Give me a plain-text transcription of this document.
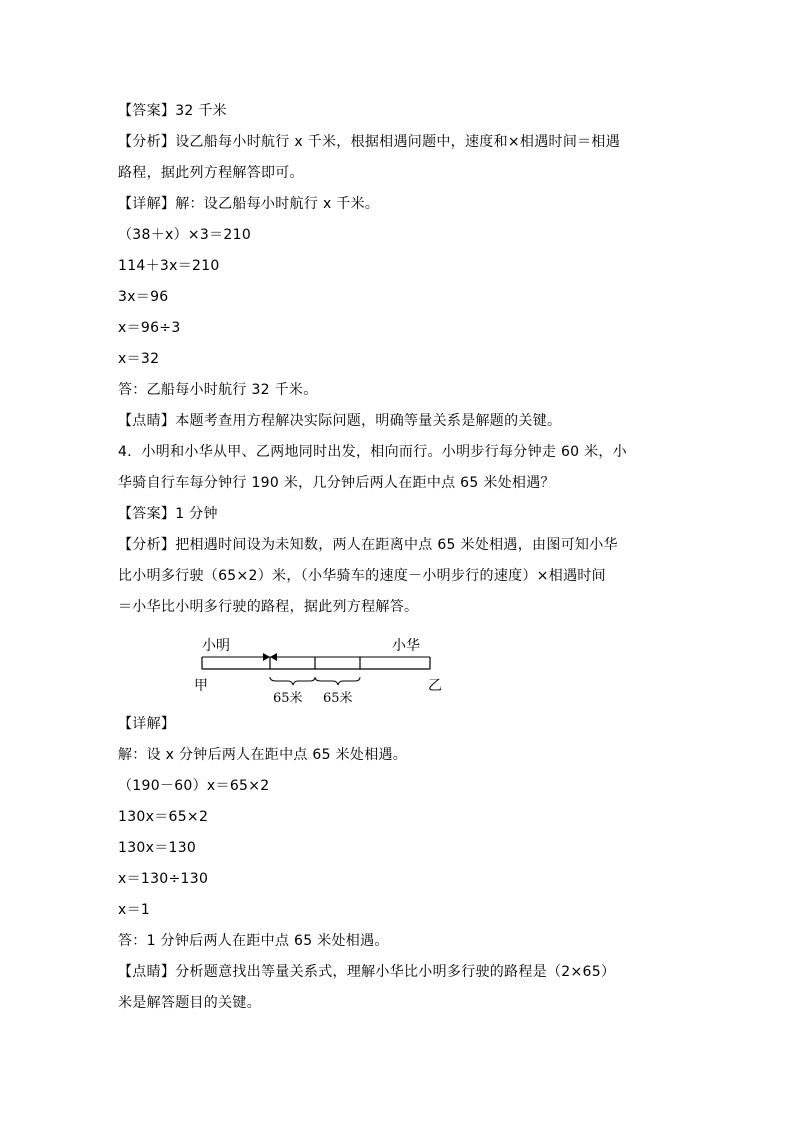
【答案】32 千米
【分析】设乙船每小时航行 x 千米，根据相遇问题中，速度和×相遇时间＝相遇
路程，据此列方程解答即可。
【详解】解：设乙船每小时航行 x 千米。
（38＋x）×3＝210
114＋3x＝210
3x＝96
x＝96÷3
x＝32
答：乙船每小时航行 32 千米。
【点睛】本题考查用方程解决实际问题，明确等量关系是解题的关键。
4．小明和小华从甲、乙两地同时出发，相向而行。小明步行每分钟走 60 米，小
华骑自行车每分钟行 190 米，几分钟后两人在距中点 65 米处相遇？
【答案】1 分钟
【分析】把相遇时间设为未知数，两人在距离中点 65 米处相遇，由图可知小华
比小明多行驶（65×2）米，（小华骑车的速度－小明步行的速度）×相遇时间
＝小华比小明多行驶的路程，据此列方程解答。
小明	小华
甲	乙
65米 65米
【详解】
解：设 x 分钟后两人在距中点 65 米处相遇。
（190－60）x＝65×2
130x＝65×2
130x＝130
x＝130÷130
x＝1
答：1 分钟后两人在距中点 65 米处相遇。
【点睛】分析题意找出等量关系式，理解小华比小明多行驶的路程是（2×65）
米是解答题目的关键。
